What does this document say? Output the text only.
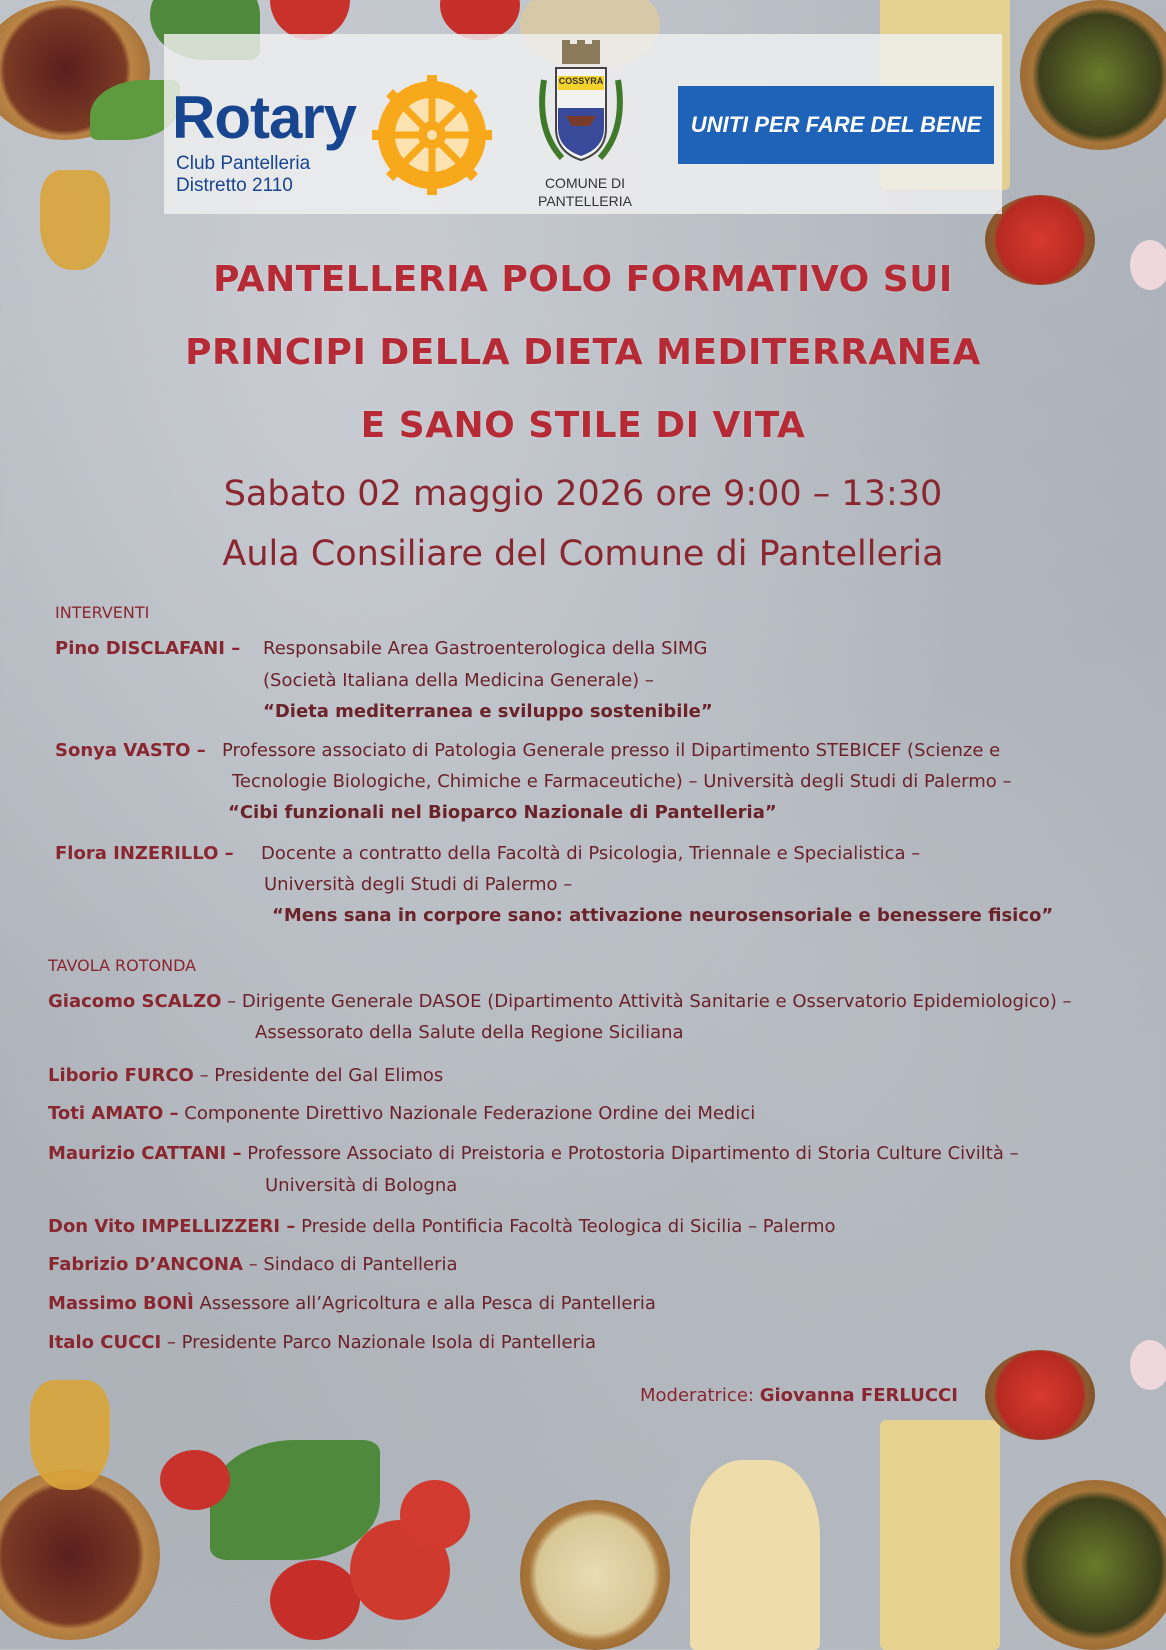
Rotary
Club Pantelleria
Distretto 2110
COSSYRA
COMUNE DI
PANTELLERIA
UNITI PER FARE DEL BENE
PANTELLERIA POLO FORMATIVO SUI
PRINCIPI DELLA DIETA MEDITERRANEA
E SANO STILE DI VITA
Sabato 02 maggio 2026 ore 9:00 – 13:30
Aula Consiliare del Comune di Pantelleria
INTERVENTI
Pino DISCLAFANI – Responsabile Area Gastroenterologica della SIMG
(Società Italiana della Medicina Generale) –
“Dieta mediterranea e sviluppo sostenibile”
Sonya VASTO – Professore associato di Patologia Generale presso il Dipartimento STEBICEF (Scienze e
Tecnologie Biologiche, Chimiche e Farmaceutiche) – Università degli Studi di Palermo –
“Cibi funzionali nel Bioparco Nazionale di Pantelleria”
Flora INZERILLO – Docente a contratto della Facoltà di Psicologia, Triennale e Specialistica –
Università degli Studi di Palermo –
“Mens sana in corpore sano: attivazione neurosensoriale e benessere fisico”
TAVOLA ROTONDA
Giacomo SCALZO – Dirigente Generale DASOE (Dipartimento Attività Sanitarie e Osservatorio Epidemiologico) –
Assessorato della Salute della Regione Siciliana
Liborio FURCO – Presidente del Gal Elimos
Toti AMATO – Componente Direttivo Nazionale Federazione Ordine dei Medici
Maurizio CATTANI – Professore Associato di Preistoria e Protostoria Dipartimento di Storia Culture Civiltà –
Università di Bologna
Don Vito IMPELLIZZERI – Preside della Pontificia Facoltà Teologica di Sicilia – Palermo
Fabrizio D’ANCONA – Sindaco di Pantelleria
Massimo BONÌ Assessore all’Agricoltura e alla Pesca di Pantelleria
Italo CUCCI – Presidente Parco Nazionale Isola di Pantelleria
Moderatrice: Giovanna FERLUCCI
